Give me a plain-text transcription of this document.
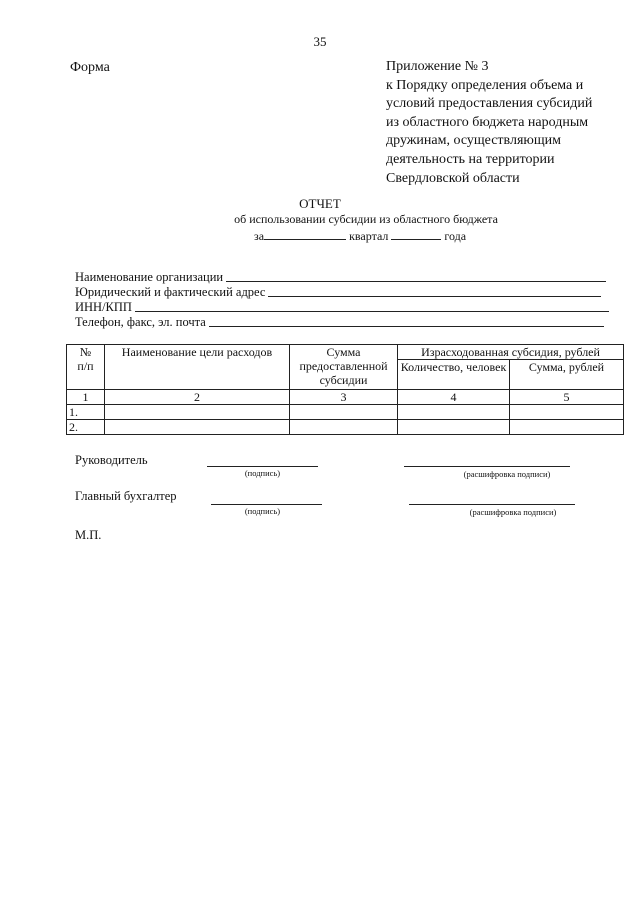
35
Форма	Приложение № 3
к Порядку определения объема и
условий предоставления субсидий
из областного бюджета народным
дружинам, осуществляющим
деятельность на территории
Свердловской области
ОТЧЕТ
об использовании субсидии из областного бюджета
за	квартал	года
Наименование организации
Юридический и фактический адрес
ИНН/КПП
Телефон, факс, эл. почта
№
п/п	Наименование цели расходов	Сумма предоставленной субсидии	Израсходованная субсидия, рублей	
			Количество, человек	Сумма, рублей
1	2	3	4	5
1.				
2.				
Руководитель
(подпись)	(расшифровка подписи)
Главный бухгалтер
(подпись)	(расшифровка подписи)
М.П.
